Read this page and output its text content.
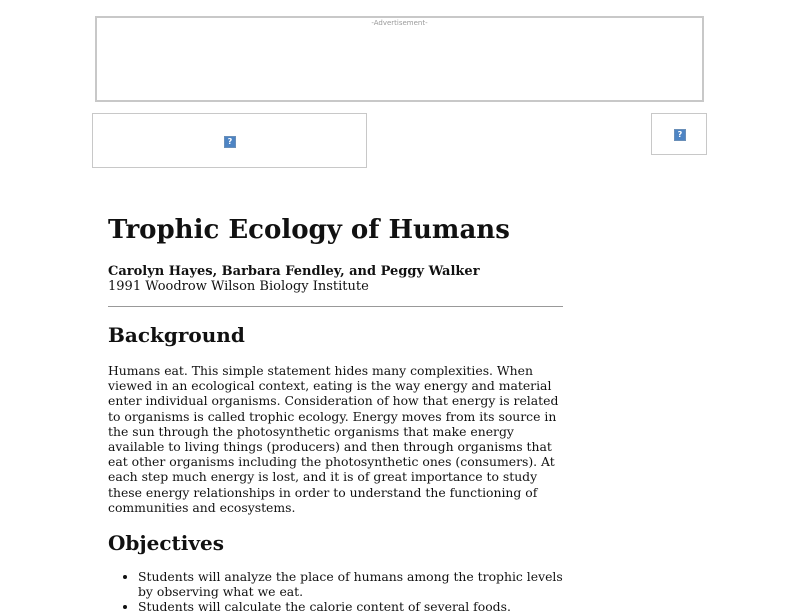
-Advertisement-
?
?
Trophic Ecology of Humans
Carolyn Hayes, Barbara Fendley, and Peggy Walker
1991 Woodrow Wilson Biology Institute
Background
Humans eat. This simple statement hides many complexities. When viewed in an ecological context, eating is the way energy and material enter individual organisms. Consideration of how that energy is related to organisms is called trophic ecology. Energy moves from its source in the sun through the photosynthetic organisms that make energy available to living things (producers) and then through organisms that eat other organisms including the photosynthetic ones (consumers). At each step much energy is lost, and it is of great importance to study these energy relationships in order to understand the functioning of communities and ecosystems.
Objectives
• Students will analyze the place of humans among the trophic levels by observing what we eat.
• Students will calculate the calorie content of several foods.
